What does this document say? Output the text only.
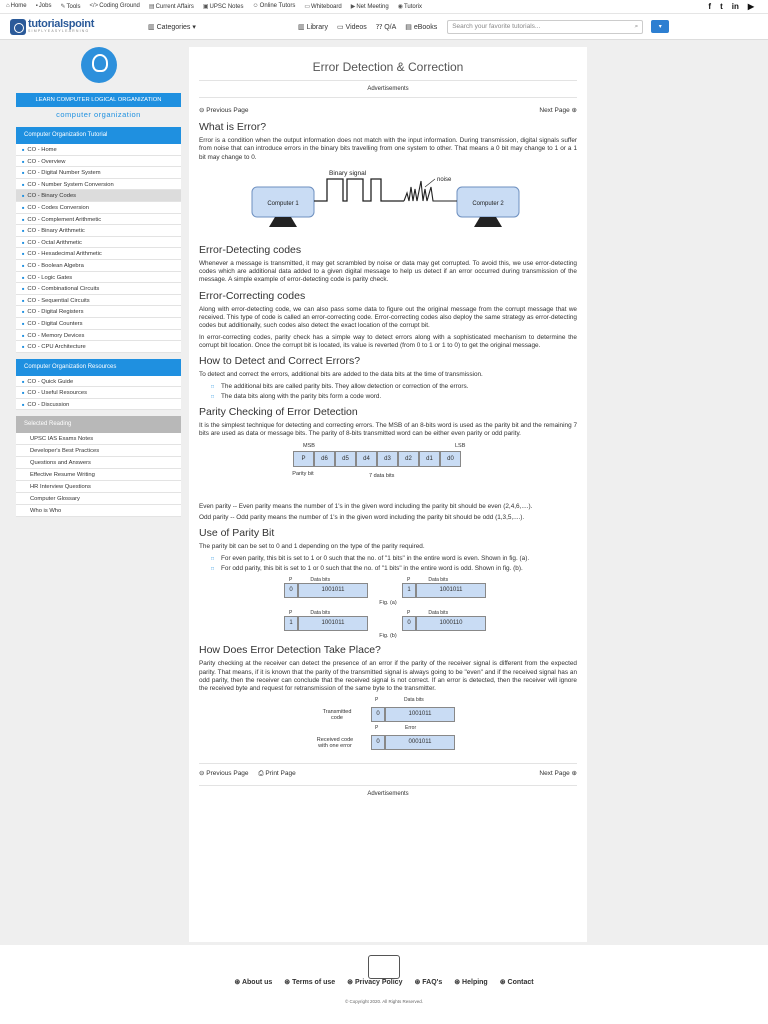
⌂Home ▪Jobs ✎Tools </>Coding Ground ▤Current Affairs ▣UPSC Notes ☺Online Tutors ▭Whiteboard ▶Net Meeting ◉Tutorix	f t in ▶
tutorialspoint
SIMPLYEASYLEARNING
▥ Categories ▾	▥ Library ▭ Videos ⁇ Q/A ▤ eBooks Search your favorite tutorials...	⌕	▾
LEARN COMPUTER LOGICAL ORGANIZATION
computer organization
Computer Organization Tutorial
■ CO - Home
■ CO - Overview
■ CO - Digital Number System
■ CO - Number System Conversion
■ CO - Binary Codes
■ CO - Codes Conversion
■ CO - Complement Arithmetic
■ CO - Binary Arithmetic
■ CO - Octal Arithmetic
■ CO - Hexadecimal Arithmetic
■ CO - Boolean Algebra
■ CO - Logic Gates
■ CO - Combinational Circuits
■ CO - Sequential Circuits
■ CO - Digital Registers
■ CO - Digital Counters
■ CO - Memory Devices
■ CO - CPU Architecture
Computer Organization Resources
■ CO - Quick Guide
■ CO - Useful Resources
■ CO - Discussion
Selected Reading
UPSC IAS Exams Notes
Developer's Best Practices
Questions and Answers
Effective Resume Writing
HR Interview Questions
Computer Glossary
Who is Who
Error Detection & Correction
Advertisements
⊖ Previous Page	Next Page ⊕
What is Error?

Error is a condition when the output information does not match with the input information. During transmission, digital signals suffer from noise that can introduce errors in the binary bits travelling from one system to other. That means a 0 bit may change to 1 or a 1 bit may change to 0.

Computer 1	Computer 2
Binary signal
noise
Error-Detecting codes

Whenever a message is transmitted, it may get scrambled by noise or data may get corrupted. To avoid this, we use error-detecting codes which are additional data added to a given digital message to help us detect if an error occurred during transmission of the message. A simple example of error-detecting code is parity check.

Error-Correcting codes

Along with error-detecting code, we can also pass some data to figure out the original message from the corrupt message that we received. This type of code is called an error-correcting code. Error-correcting codes also deploy the same strategy as error-detecting codes but additionally, such codes also detect the exact location of the corrupt bit.

In error-correcting codes, parity check has a simple way to detect errors along with a sophisticated mechanism to determine the corrupt bit location. Once the corrupt bit is located, its value is reverted (from 0 to 1 or 1 to 0) to get the original message.

How to Detect and Correct Errors?

To detect and correct the errors, additional bits are added to the data bits at the time of transmission.

□ The additional bits are called parity bits. They allow detection or correction of the errors.
□ The data bits along with the parity bits form a code word.
Parity Checking of Error Detection

It is the simplest technique for detecting and correcting errors. The MSB of an 8-bits word is used as the parity bit and the remaining 7 bits are used as data or message bits. The parity of 8-bits transmitted word can be either even parity or odd parity.

MSB	LSB
P	d6	d5	d4	d3	d2	d1	d0
Parity bit	7 data bits

Even parity -- Even parity means the number of 1's in the given word including the parity bit should be even (2,4,6,....).

Odd parity -- Odd parity means the number of 1's in the given word including the parity bit should be odd (1,3,5,....).

Use of Parity Bit

The parity bit can be set to 0 and 1 depending on the type of the parity required.

□ For even parity, this bit is set to 1 or 0 such that the no. of "1 bits" in the entire word is even. Shown in fig. (a).
□ For odd parity, this bit is set to 1 or 0 such that the no. of "1 bits" in the entire word is odd. Shown in fig. (b).
P	Data bits
0	1001011
P	Data bits
1	1001011
Fig. (a)
P	Data bits
1	1001011
P	Data bits
0	1000110
Fig. (b)
How Does Error Detection Take Place?

Parity checking at the receiver can detect the presence of an error if the parity of the receiver signal is different from the expected parity. That means, if it is known that the parity of the transmitted signal is always going to be "even" and if the received signal has an odd parity, then the receiver can conclude that the received signal is not correct. If an error is detected, then the receiver will ignore the received byte and request for retransmission of the same byte to the transmitter.

Transmitted code
P	Data bits
0	1001011
P	Error
Received code with one error
0	0001011
⊖ Previous Page ⎙ Print Page	Next Page ⊕
Advertisements
⊛ About us ⊛ Terms of use ⊛ Privacy Policy ⊛ FAQ's ⊛ Helping ⊛ Contact
© Copyright 2020. All Rights Reserved.
